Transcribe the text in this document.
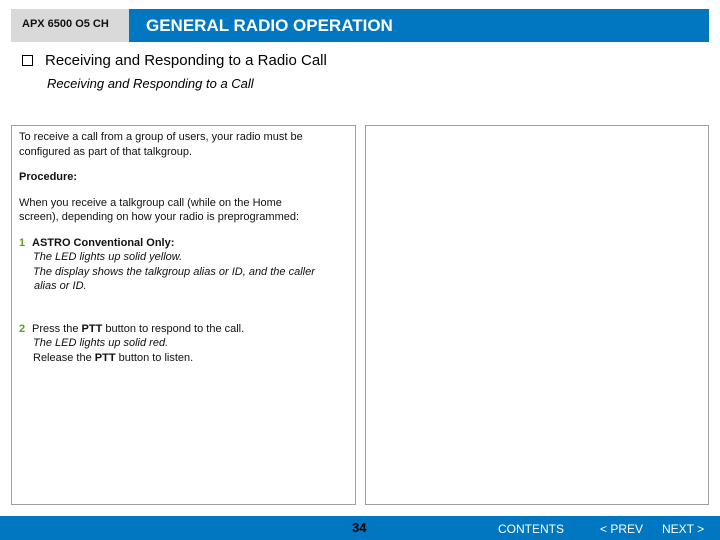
APX 6500 O5 CH	GENERAL RADIO OPERATION
Receiving and Responding to a Radio Call
Receiving and Responding to a Call
To receive a call from a group of users, your radio must be
configured as part of that talkgroup.
Procedure:
When you receive a talkgroup call (while on the Home
screen), depending on how your radio is preprogrammed:
1 ASTRO Conventional Only:
The LED lights up solid yellow.
The display shows the talkgroup alias or ID, and the caller
alias or ID.
2 Press the PTT button to respond to the call.
The LED lights up solid red.
Release the PTT button to listen.
34	CONTENTS	< PREV NEXT >
